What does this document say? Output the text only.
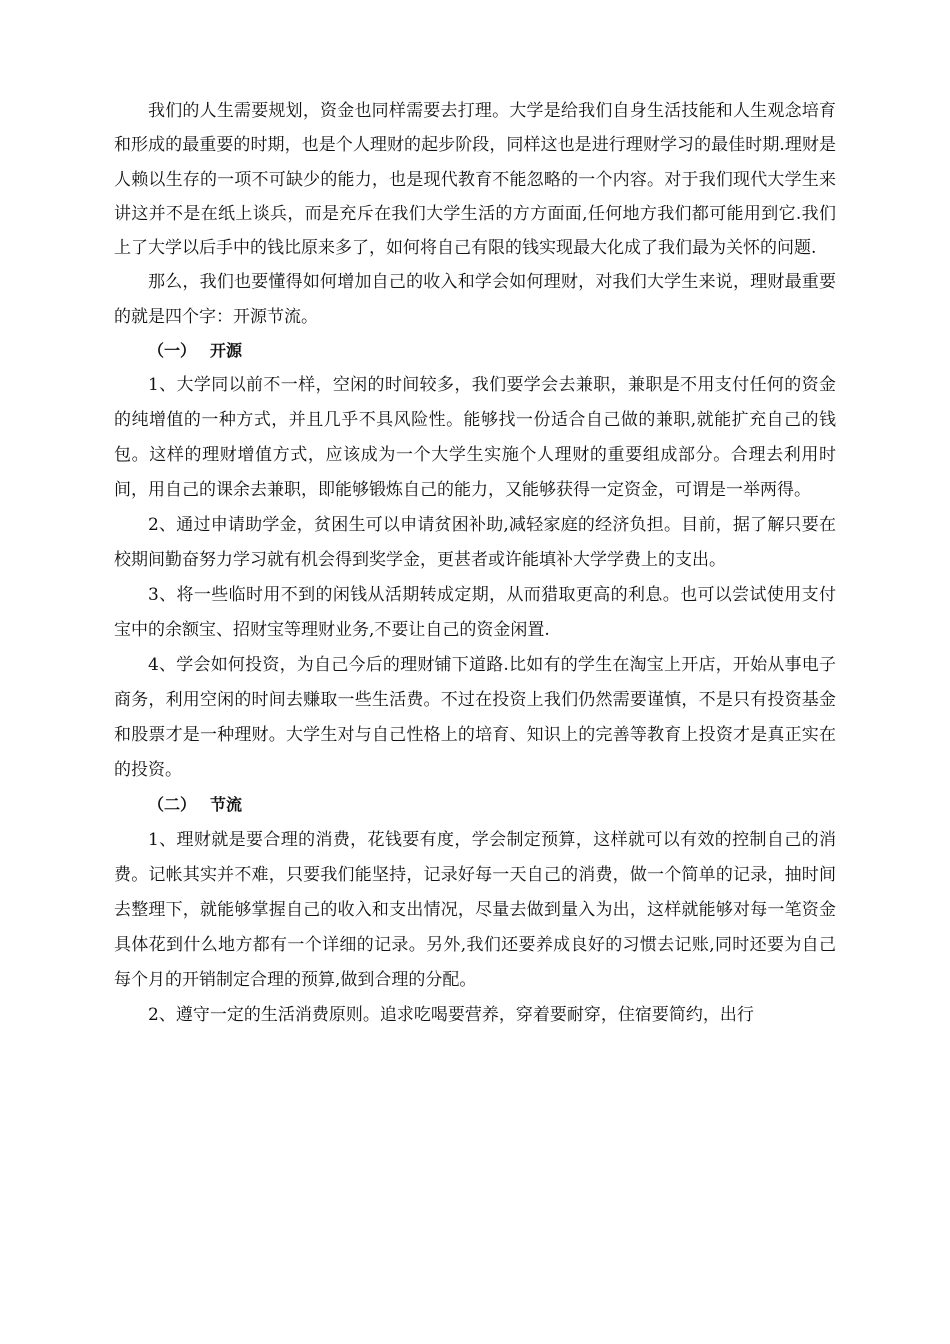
我们的人生需要规划，资金也同样需要去打理。大学是给我们自身生活技能和人生观念培育和形成的最重要的时期，也是个人理财的起步阶段，同样这也是进行理财学习的最佳时期.理财是人赖以生存的一项不可缺少的能力，也是现代教育不能忽略的一个内容。对于我们现代大学生来讲这并不是在纸上谈兵，而是充斥在我们大学生活的方方面面,任何地方我们都可能用到它.我们上了大学以后手中的钱比原来多了，如何将自己有限的钱实现最大化成了我们最为关怀的问题.

那么，我们也要懂得如何增加自己的收入和学会如何理财，对我们大学生来说，理财最重要的就是四个字：开源节流。

（一） 开源

1、大学同以前不一样，空闲的时间较多，我们要学会去兼职，兼职是不用支付任何的资金的纯增值的一种方式，并且几乎不具风险性。能够找一份适合自己做的兼职,就能扩充自己的钱包。这样的理财增值方式，应该成为一个大学生实施个人理财的重要组成部分。合理去利用时间，用自己的课余去兼职，即能够锻炼自己的能力，又能够获得一定资金，可谓是一举两得。

2、通过申请助学金，贫困生可以申请贫困补助,减轻家庭的经济负担。目前，据了解只要在校期间勤奋努力学习就有机会得到奖学金，更甚者或许能填补大学学费上的支出。

3、将一些临时用不到的闲钱从活期转成定期，从而猎取更高的利息。也可以尝试使用支付宝中的余额宝、招财宝等理财业务,不要让自己的资金闲置.

4、学会如何投资，为自己今后的理财铺下道路.比如有的学生在淘宝上开店，开始从事电子商务，利用空闲的时间去赚取一些生活费。不过在投资上我们仍然需要谨慎，不是只有投资基金和股票才是一种理财。大学生对与自己性格上的培育、知识上的完善等教育上投资才是真正实在的投资。

（二） 节流

1、理财就是要合理的消费，花钱要有度，学会制定预算，这样就可以有效的控制自己的消费。记帐其实并不难，只要我们能坚持，记录好每一天自己的消费，做一个简单的记录，抽时间去整理下，就能够掌握自己的收入和支出情况，尽量去做到量入为出，这样就能够对每一笔资金具体花到什么地方都有一个详细的记录。另外,我们还要养成良好的习惯去记账,同时还要为自己每个月的开销制定合理的预算,做到合理的分配。

2、遵守一定的生活消费原则。追求吃喝要营养，穿着要耐穿，住宿要简约，出行
